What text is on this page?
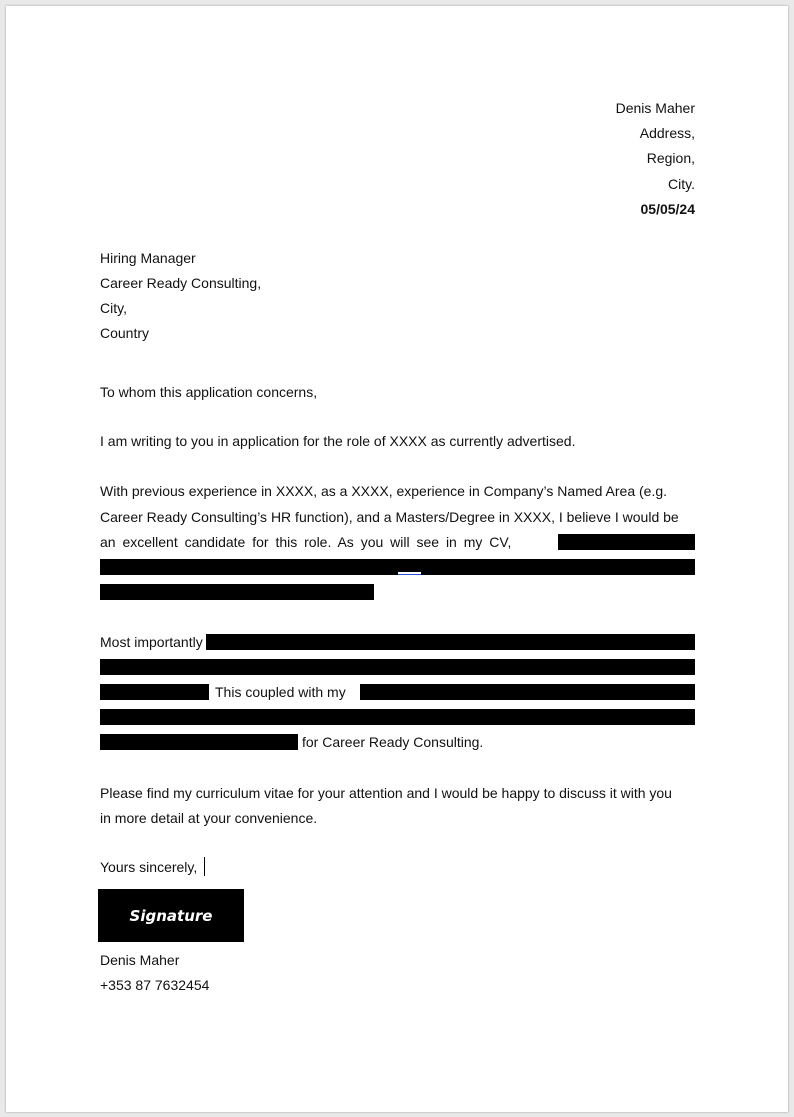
Denis Maher
Address,
Region,
City.
05/05/24
Hiring Manager
Career Ready Consulting,
City,
Country
To whom this application concerns,
I am writing to you in application for the role of XXXX as currently advertised.
With previous experience in XXXX, as a XXXX, experience in Company’s Named Area (e.g.
Career Ready Consulting’s HR function), and a Masters/Degree in XXXX, I believe I would be
an excellent candidate for this role. As you will see in my CV,
Most importantly
This coupled with my
for Career Ready Consulting.
Please find my curriculum vitae for your attention and I would be happy to discuss it with you
in more detail at your convenience.
Yours sincerely,
Signature
Denis Maher
+353 87 7632454
